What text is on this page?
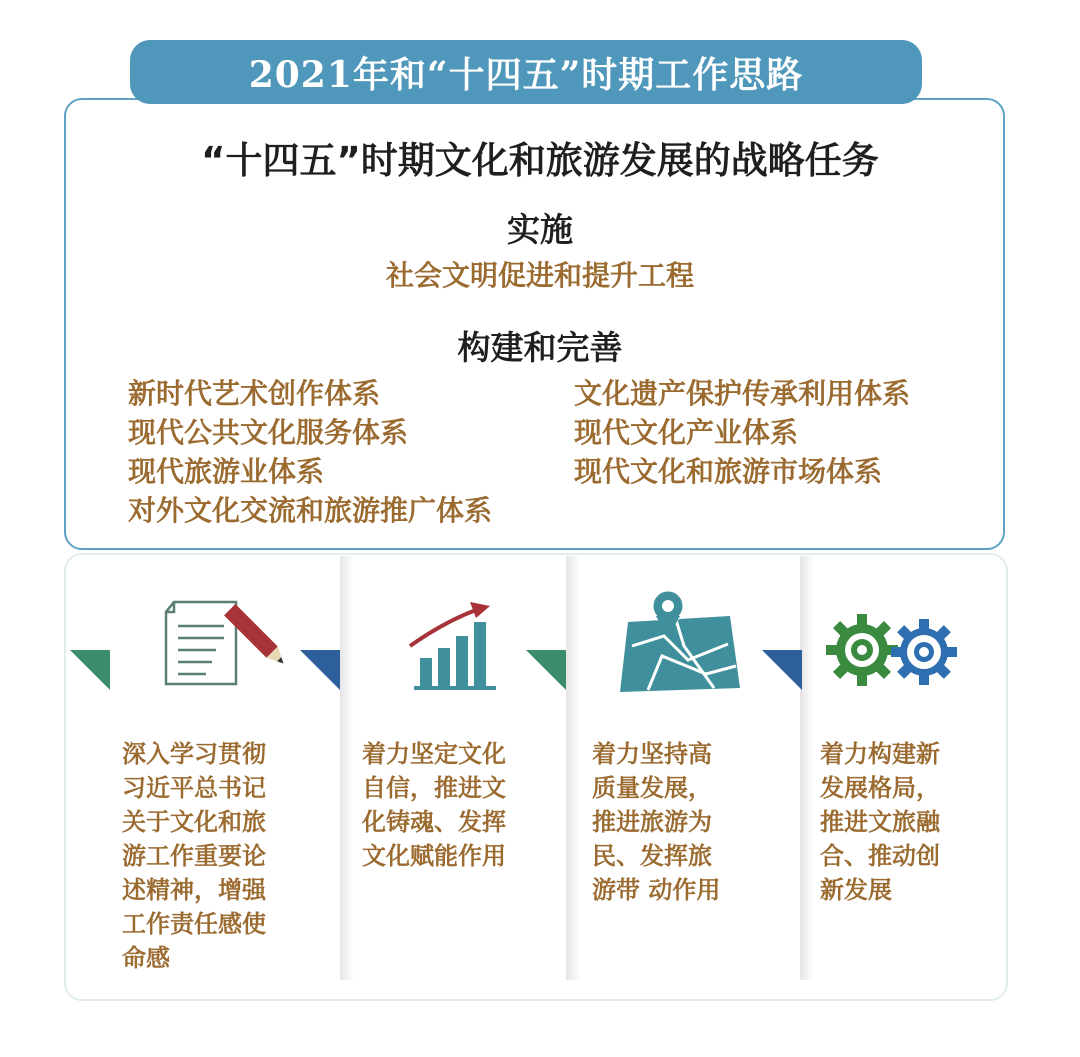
2021年和“十四五”时期工作思路
“十四五”时期文化和旅游发展的战略任务
实施
社会文明促进和提升工程
构建和完善
新时代艺术创作体系
现代公共文化服务体系
现代旅游业体系
对外文化交流和旅游推广体系
文化遗产保护传承利用体系
现代文化产业体系
现代文化和旅游市场体系
深入学习贯彻
习近平总书记
关于文化和旅
游工作重要论
述精神，增强
工作责任感使
命感
着力坚定文化
自信，推进文
化铸魂、发挥
文化赋能作用
着力坚持高
质量发展，
推进旅游为
民、发挥旅
游带 动作用
着力构建新
发展格局，
推进文旅融
合、推动创
新发展
